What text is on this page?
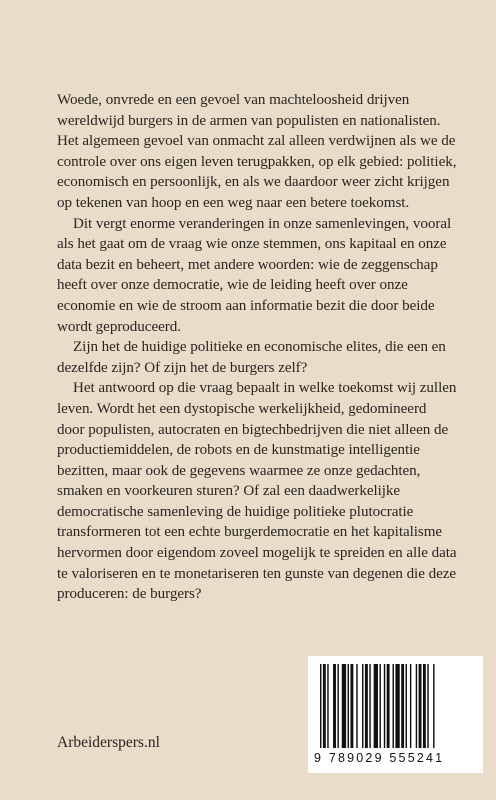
Woede, onvrede en een gevoel van machteloosheid drijven wereldwijd burgers in de armen van populisten en nationalisten. Het algemeen gevoel van onmacht zal alleen verdwijnen als we de controle over ons eigen leven terugpakken, op elk gebied: politiek, economisch en persoonlijk, en als we daardoor weer zicht krijgen op tekenen van hoop en een weg naar een betere toekomst.

Dit vergt enorme veranderingen in onze samenlevingen, vooral als het gaat om de vraag wie onze stemmen, ons kapitaal en onze data bezit en beheert, met andere woorden: wie de zeggenschap heeft over onze democratie, wie de leiding heeft over onze economie en wie de stroom aan informatie bezit die door beide wordt geproduceerd.

Zijn het de huidige politieke en economische elites, die een en dezelfde zijn? Of zijn het de burgers zelf?

Het antwoord op die vraag bepaalt in welke toekomst wij zullen leven. Wordt het een dystopische werkelijkheid, gedomineerd door populisten, autocraten en bigtechbedrijven die niet alleen de productiemiddelen, de robots en de kunstmatige intelligentie bezitten, maar ook de gegevens waarmee ze onze gedachten, smaken en voorkeuren sturen? Of zal een daadwerkelijke democratische samenleving de huidige politieke plutocratie transformeren tot een echte burgerdemocratie en het kapitalisme hervormen door eigendom zoveel mogelijk te spreiden en alle data te valoriseren en te monetariseren ten gunste van degenen die deze produceren: de burgers?

Arbeiderspers.nl
9 789029 555241
